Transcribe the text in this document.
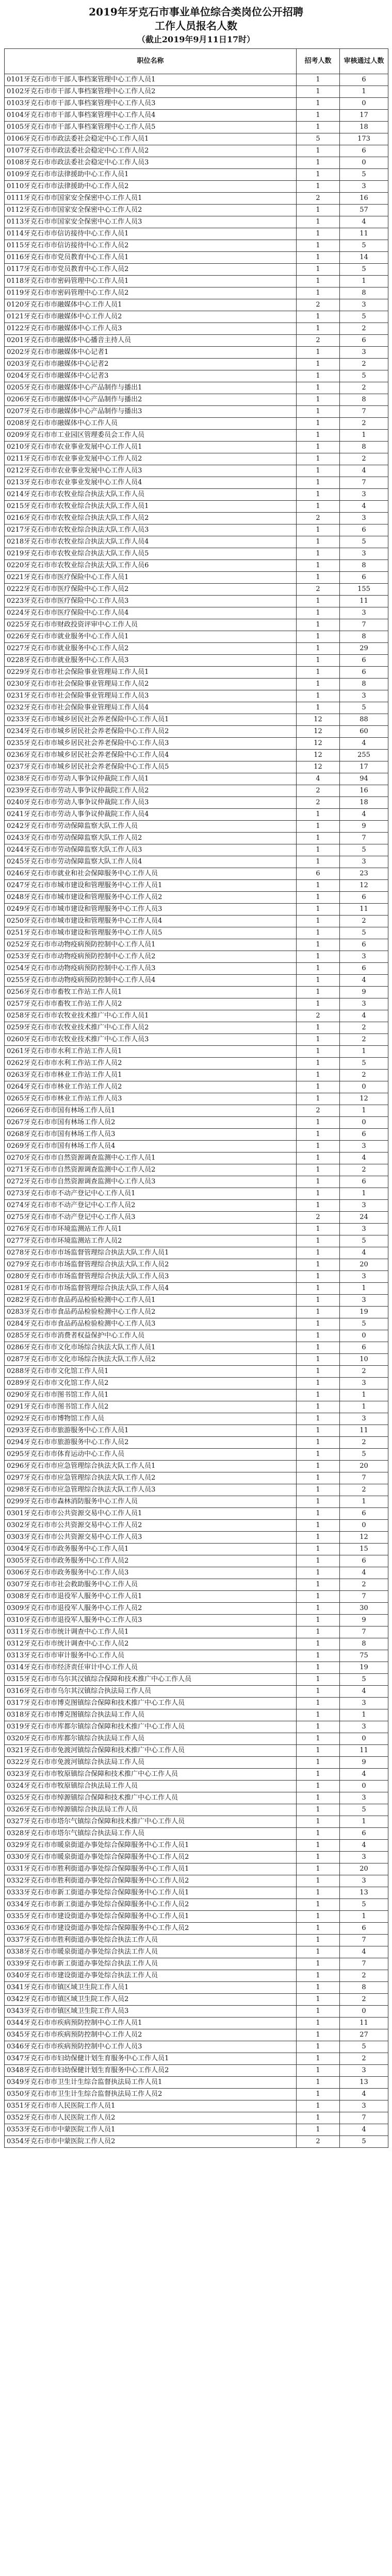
2019年牙克石市事业单位综合类岗位公开招聘
工作人员报名人数
（截止2019年9月11日17时）
职位名称	招考人数	审核通过人数
0101牙克石市市干部人事档案管理中心工作人员1	1	6
0102牙克石市市干部人事档案管理中心工作人员2	1	1
0103牙克石市市干部人事档案管理中心工作人员3	1	0
0104牙克石市市干部人事档案管理中心工作人员4	1	17
0105牙克石市市干部人事档案管理中心工作人员5	1	18
0106牙克石市市政法委社会稳定中心工作人员1	5	173
0107牙克石市市政法委社会稳定中心工作人员2	1	6
0108牙克石市市政法委社会稳定中心工作人员3	1	0
0109牙克石市市法律援助中心工作人员1	1	5
0110牙克石市市法律援助中心工作人员2	1	3
0111牙克石市市国家安全保密中心工作人员1	2	16
0112牙克石市市国家安全保密中心工作人员2	1	57
0113牙克石市市国家安全保密中心工作人员3	1	4
0114牙克石市市信访接待中心工作人员1	1	11
0115牙克石市市信访接待中心工作人员2	1	5
0116牙克石市市党员教育中心工作人员1	1	14
0117牙克石市市党员教育中心工作人员2	1	5
0118牙克石市市密码管理中心工作人员1	1	1
0119牙克石市市密码管理中心工作人员2	1	8
0120牙克石市市融媒体中心工作人员1	2	3
0121牙克石市市融媒体中心工作人员2	1	5
0122牙克石市市融媒体中心工作人员3	1	2
0201牙克石市市融媒体中心播音主持人员	2	6
0202牙克石市市融媒体中心记者1	1	3
0203牙克石市市融媒体中心记者2	1	2
0204牙克石市市融媒体中心记者3	1	5
0205牙克石市市融媒体中心产品制作与播出1	1	2
0206牙克石市市融媒体中心产品制作与播出2	1	8
0207牙克石市市融媒体中心产品制作与播出3	1	7
0208牙克石市市融媒体中心工作人员	1	2
0209牙克石市市工业园区管理委员会工作人员	1	1
0210牙克石市市农业事业发展中心工作人员1	1	8
0211牙克石市市农业事业发展中心工作人员2	1	2
0212牙克石市市农业事业发展中心工作人员3	1	4
0213牙克石市市农业事业发展中心工作人员4	1	7
0214牙克石市市农牧业综合执法大队工作人员	1	3
0215牙克石市市农牧业综合执法大队工作人员1	1	4
0216牙克石市市农牧业综合执法大队工作人员2	2	3
0217牙克石市市农牧业综合执法大队工作人员3	1	6
0218牙克石市市农牧业综合执法大队工作人员4	1	5
0219牙克石市市农牧业综合执法大队工作人员5	1	3
0220牙克石市市农牧业综合执法大队工作人员6	1	8
0221牙克石市市医疗保险中心工作人员1	1	6
0222牙克石市市医疗保险中心工作人员2	2	155
0223牙克石市市医疗保险中心工作人员3	1	11
0224牙克石市市医疗保险中心工作人员4	1	3
0225牙克石市市财政投资评审中心工作人员	1	7
0226牙克石市市就业服务中心工作人员1	1	8
0227牙克石市市就业服务中心工作人员2	1	29
0228牙克石市市就业服务中心工作人员3	1	6
0229牙克石市市社会保险事业管理局工作人员1	1	6
0230牙克石市市社会保险事业管理局工作人员2	1	8
0231牙克石市市社会保险事业管理局工作人员3	1	3
0232牙克石市市社会保险事业管理局工作人员4	1	5
0233牙克石市市城乡居民社会养老保险中心工作人员1	12	88
0234牙克石市市城乡居民社会养老保险中心工作人员2	12	60
0235牙克石市市城乡居民社会养老保险中心工作人员3	12	4
0236牙克石市市城乡居民社会养老保险中心工作人员4	12	255
0237牙克石市市城乡居民社会养老保险中心工作人员5	12	17
0238牙克石市市劳动人事争议仲裁院工作人员1	4	94
0239牙克石市市劳动人事争议仲裁院工作人员2	2	16
0240牙克石市市劳动人事争议仲裁院工作人员3	2	18
0241牙克石市市劳动人事争议仲裁院工作人员4	1	4
0242牙克石市市劳动保障监察大队工作人员	1	9
0243牙克石市市劳动保障监察大队工作人员2	1	7
0244牙克石市市劳动保障监察大队工作人员3	1	5
0245牙克石市市劳动保障监察大队工作人员4	1	3
0246牙克石市市就业和社会保障服务中心工作人员	6	23
0247牙克石市市城市建设和管理服务中心工作人员1	1	12
0248牙克石市市城市建设和管理服务中心工作人员2	1	6
0249牙克石市市城市建设和管理服务中心工作人员3	1	11
0250牙克石市市城市建设和管理服务中心工作人员4	1	2
0251牙克石市市城市建设和管理服务中心工作人员5	1	5
0252牙克石市市动物疫病预防控制中心工作人员1	1	6
0253牙克石市市动物疫病预防控制中心工作人员2	1	3
0254牙克石市市动物疫病预防控制中心工作人员3	1	6
0255牙克石市市动物疫病预防控制中心工作人员4	1	4
0256牙克石市市畜牧工作站工作人员1	1	9
0257牙克石市市畜牧工作站工作人员2	1	3
0258牙克石市市农牧业技术推广中心工作人员1	2	4
0259牙克石市市农牧业技术推广中心工作人员2	1	2
0260牙克石市市农牧业技术推广中心工作人员3	1	2
0261牙克石市市水利工作站工作人员1	1	1
0262牙克石市市水利工作站工作人员2	1	5
0263牙克石市市林业工作站工作人员1	1	2
0264牙克石市市林业工作站工作人员2	1	0
0265牙克石市市林业工作站工作人员3	1	12
0266牙克石市市国有林场工作人员1	2	1
0267牙克石市市国有林场工作人员2	1	0
0268牙克石市市国有林场工作人员3	1	6
0269牙克石市市国有林场工作人员4	1	3
0270牙克石市市自然资源调查监测中心工作人员1	1	4
0271牙克石市市自然资源调查监测中心工作人员2	1	2
0272牙克石市市自然资源调查监测中心工作人员3	1	6
0273牙克石市市不动产登记中心工作人员1	1	1
0274牙克石市市不动产登记中心工作人员2	1	3
0275牙克石市市不动产登记中心工作人员3	2	24
0276牙克石市市环境监测站工作人员1	1	3
0277牙克石市市环境监测站工作人员2	1	5
0278牙克石市市市场监督管理综合执法大队工作人员1	1	4
0279牙克石市市市场监督管理综合执法大队工作人员2	1	20
0280牙克石市市市场监督管理综合执法大队工作人员3	1	3
0281牙克石市市市场监督管理综合执法大队工作人员4	1	1
0282牙克石市市食品药品检验检测中心工作人员1	1	3
0283牙克石市市食品药品检验检测中心工作人员2	1	19
0284牙克石市市食品药品检验检测中心工作人员3	1	5
0285牙克石市市消费者权益保护中心工作人员	1	0
0286牙克石市市文化市场综合执法大队工作人员1	1	6
0287牙克石市市文化市场综合执法大队工作人员2	1	10
0288牙克石市市文化馆工作人员1	1	2
0289牙克石市市文化馆工作人员2	1	3
0290牙克石市市图书馆工作人员1	1	1
0291牙克石市市图书馆工作人员2	1	1
0292牙克石市市博物馆工作人员	1	3
0293牙克石市市旅游服务中心工作人员1	1	11
0294牙克石市市旅游服务中心工作人员2	1	2
0295牙克石市市体育运动中心工作人员	1	5
0296牙克石市市应急管理综合执法大队工作人员1	1	20
0297牙克石市市应急管理综合执法大队工作人员2	1	7
0298牙克石市市应急管理综合执法大队工作人员3	1	2
0299牙克石市市森林消防服务中心工作人员	1	1
0301牙克石市市公共资源交易中心工作人员1	1	6
0302牙克石市市公共资源交易中心工作人员2	1	0
0303牙克石市市公共资源交易中心工作人员3	1	12
0304牙克石市市政务服务中心工作人员1	1	15
0305牙克石市市政务服务中心工作人员2	1	6
0306牙克石市市政务服务中心工作人员3	1	4
0307牙克石市市社会救助服务中心工作人员	1	2
0308牙克石市市退役军人服务中心工作人员1	1	7
0309牙克石市市退役军人服务中心工作人员2	1	30
0310牙克石市市退役军人服务中心工作人员3	1	9
0311牙克石市市统计调查中心工作人员1	1	7
0312牙克石市市统计调查中心工作人员2	1	8
0313牙克石市市审计服务中心工作人员	1	75
0314牙克石市市经济责任审计中心工作人员	1	19
0315牙克石市市乌尔其汉镇综合保障和技术推广中心工作人员	1	5
0316牙克石市市乌尔其汉镇综合执法局工作人员	1	4
0317牙克石市市博克图镇综合保障和技术推广中心工作人员	1	3
0318牙克石市市博克图镇综合执法局工作人员	1	1
0319牙克石市市库都尔镇综合保障和技术推广中心工作人员	1	3
0320牙克石市市库都尔镇综合执法局工作人员	1	0
0321牙克石市市免渡河镇综合保障和技术推广中心工作人员	1	11
0322牙克石市市免渡河镇综合执法局工作人员	1	9
0323牙克石市市牧原镇综合保障和技术推广中心工作人员	1	4
0324牙克石市市牧原镇综合执法局工作人员	1	0
0325牙克石市市绰源镇综合保障和技术推广中心工作人员	1	3
0326牙克石市市绰源镇综合执法局工作人员	1	5
0327牙克石市市塔尔气镇综合保障和技术推广中心工作人员	1	1
0328牙克石市市塔尔气镇综合执法局工作人员	1	6
0329牙克石市市暖泉街道办事处综合保障服务中心工作人员1	1	4
0330牙克石市市暖泉街道办事处综合保障服务中心工作人员2	1	3
0331牙克石市市胜利街道办事处综合保障服务中心工作人员1	1	20
0332牙克石市市胜利街道办事处综合保障服务中心工作人员2	1	3
0333牙克石市市新工街道办事处综合保障服务中心工作人员1	1	13
0334牙克石市市新工街道办事处综合保障服务中心工作人员2	1	5
0335牙克石市市建设街道办事处综合保障服务中心工作人员1	1	1
0336牙克石市市建设街道办事处综合保障服务中心工作人员2	1	6
0337牙克石市市胜利街道办事处综合执法工作人员	1	7
0338牙克石市市暖泉街道办事处综合执法工作人员	1	4
0339牙克石市市新工街道办事处综合执法工作人员	1	7
0340牙克石市市建设街道办事处综合执法工作人员	1	2
0341牙克石市市镇区域卫生院工作人员1	1	8
0342牙克石市市镇区域卫生院工作人员2	1	2
0343牙克石市市镇区域卫生院工作人员3	1	0
0344牙克石市市疾病预防控制中心工作人员1	1	11
0345牙克石市市疾病预防控制中心工作人员2	1	27
0346牙克石市市疾病预防控制中心工作人员3	1	5
0347牙克石市市妇幼保健计划生育服务中心工作人员1	1	2
0348牙克石市市妇幼保健计划生育服务中心工作人员2	1	3
0349牙克石市市卫生计生综合监督执法局工作人员1	1	13
0350牙克石市市卫生计生综合监督执法局工作人员2	1	4
0351牙克石市市人民医院工作人员1	1	3
0352牙克石市市人民医院工作人员2	1	7
0353牙克石市市中蒙医院工作人员1	1	4
0354牙克石市市中蒙医院工作人员2	2	5
